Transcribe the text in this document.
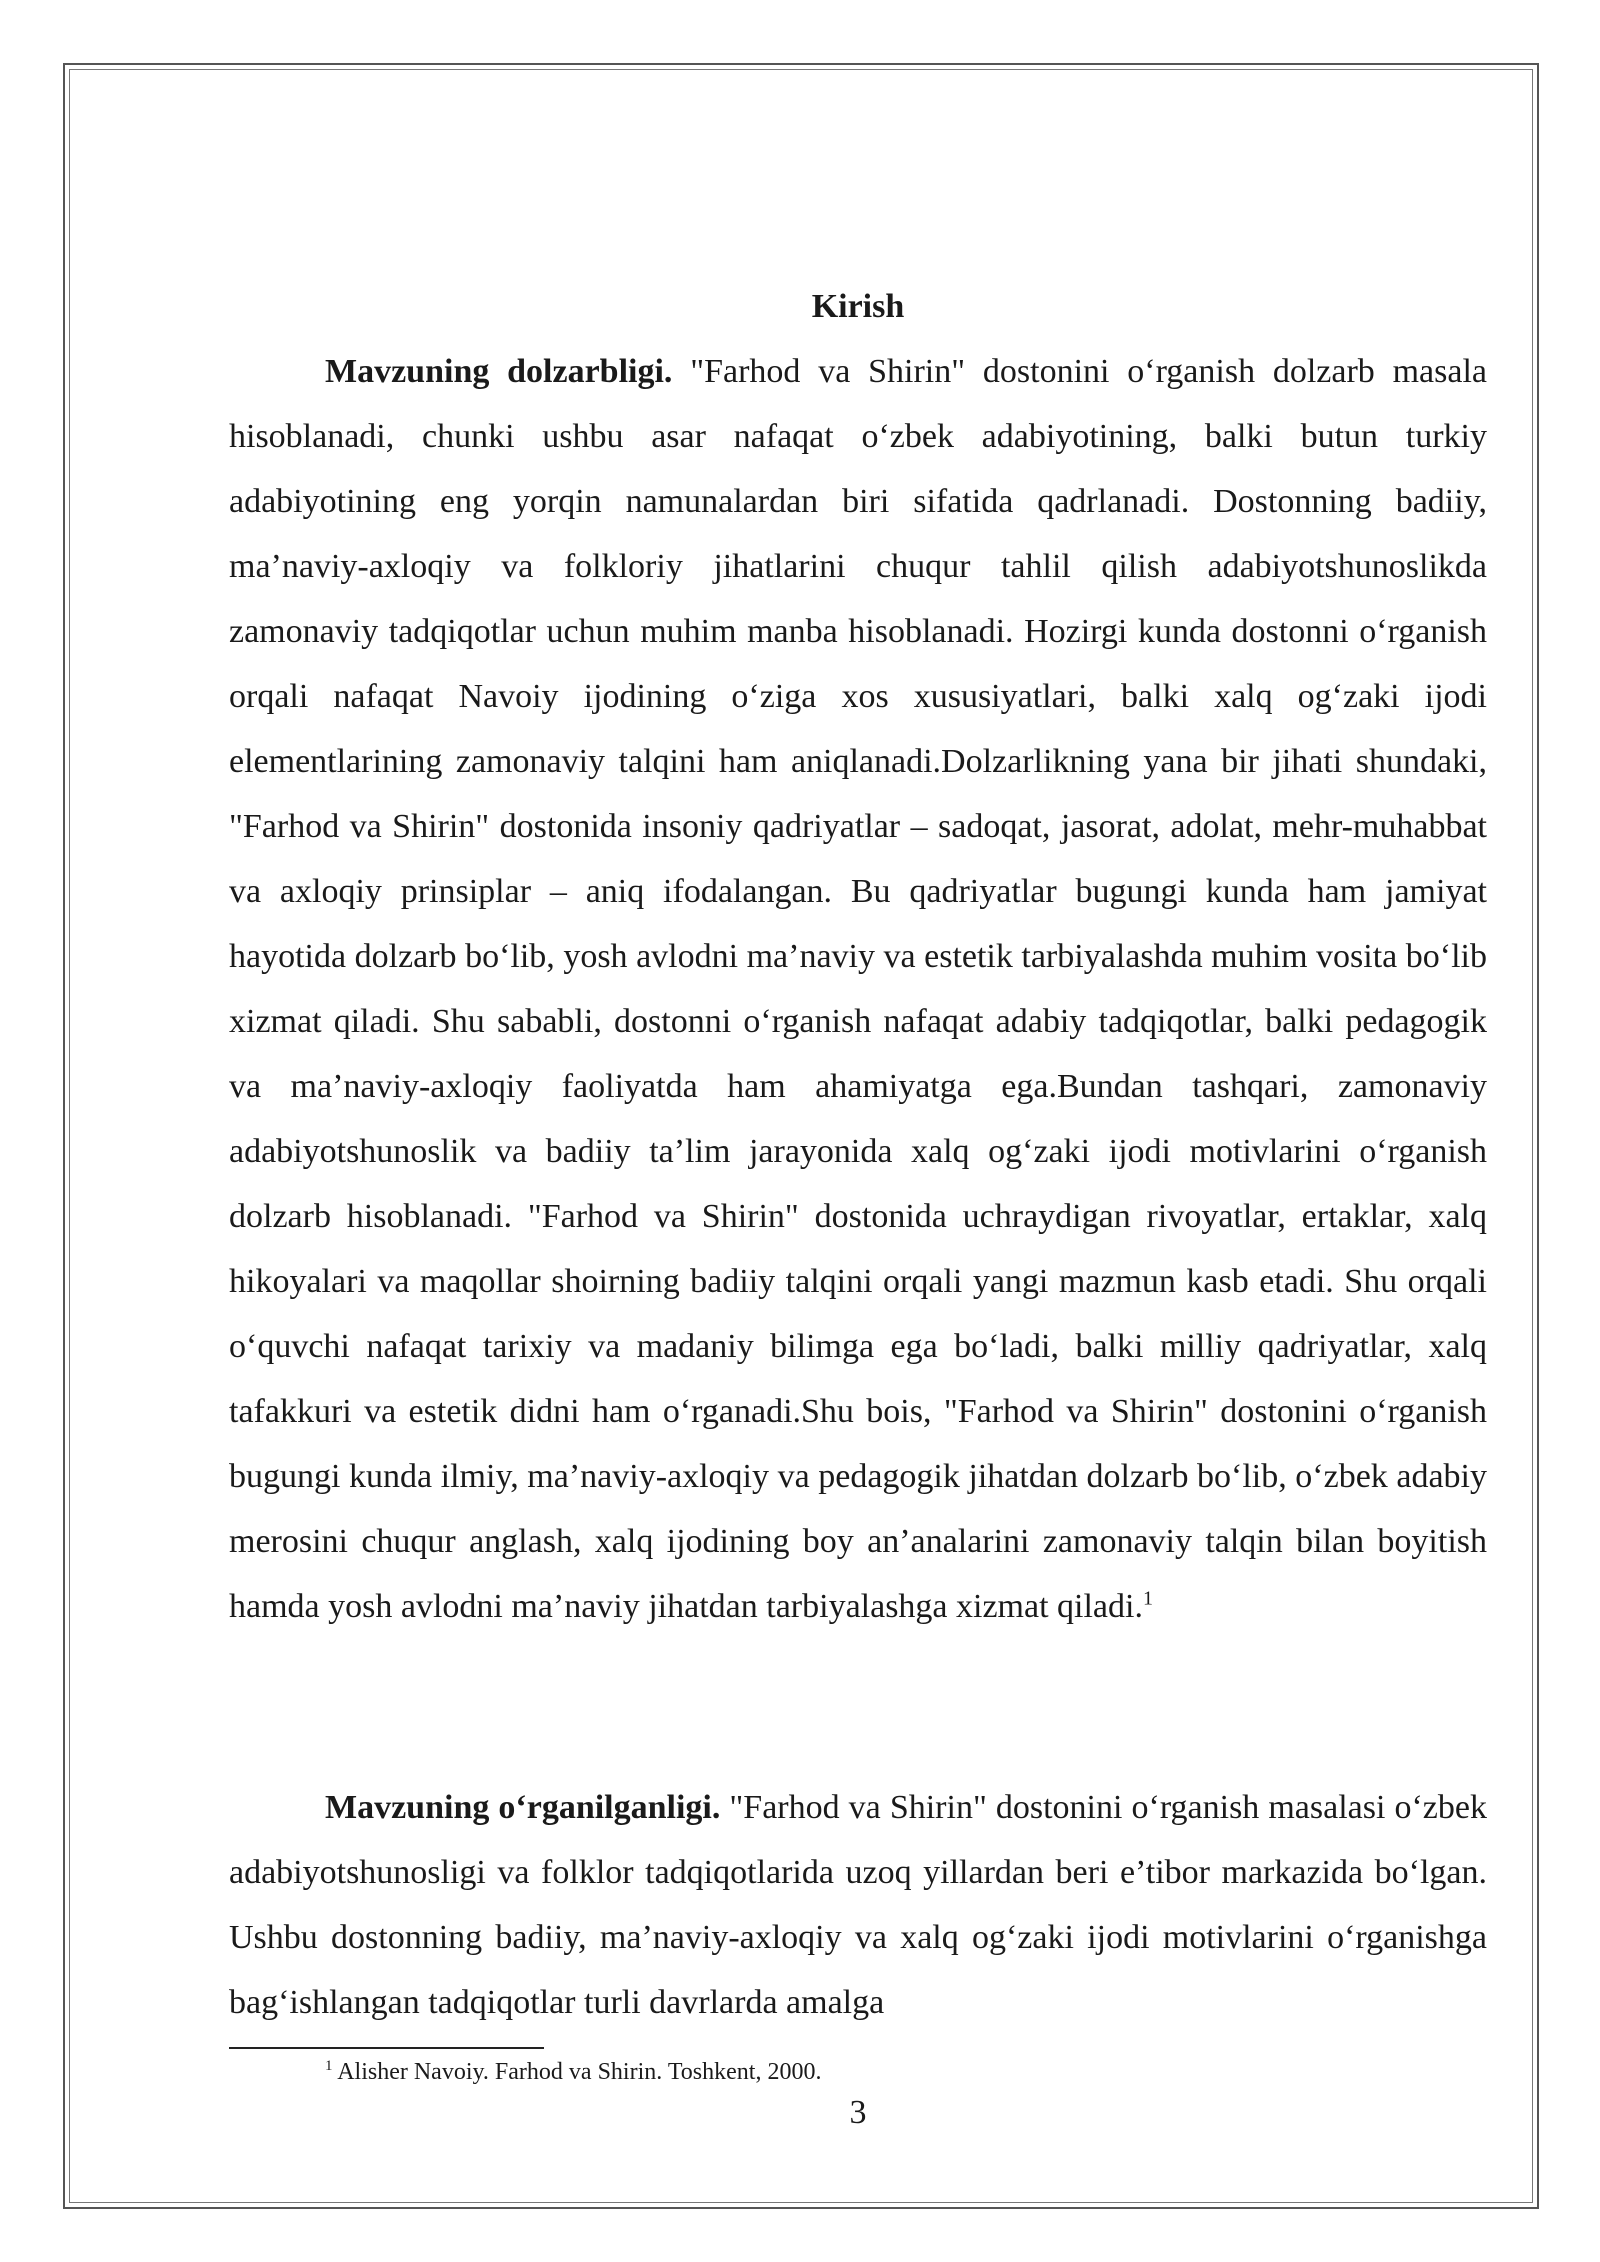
Kirish

Mavzuning dolzarbligi. "Farhod va Shirin" dostonini o‘rganish dolzarb masala hisoblanadi, chunki ushbu asar nafaqat o‘zbek adabiyotining, balki butun turkiy adabiyotining eng yorqin namunalardan biri sifatida qadrlanadi. Dostonning badiiy, ma’naviy-axloqiy va folkloriy jihatlarini chuqur tahlil qilish adabiyotshunoslikda zamonaviy tadqiqotlar uchun muhim manba hisoblanadi. Hozirgi kunda dostonni o‘rganish orqali nafaqat Navoiy ijodining o‘ziga xos xususiyatlari, balki xalq og‘zaki ijodi elementlarining zamonaviy talqini ham aniqlanadi.Dolzarlikning yana bir jihati shundaki, "Farhod va Shirin" dostonida insoniy qadriyatlar – sadoqat, jasorat, adolat, mehr-muhabbat va axloqiy prinsiplar – aniq ifodalangan. Bu qadriyatlar bugungi kunda ham jamiyat hayotida dolzarb bo‘lib, yosh avlodni ma’naviy va estetik tarbiyalashda muhim vosita bo‘lib xizmat qiladi. Shu sababli, dostonni o‘rganish nafaqat adabiy tadqiqotlar, balki pedagogik va ma’naviy-axloqiy faoliyatda ham ahamiyatga ega.Bundan tashqari, zamonaviy adabiyotshunoslik va badiiy ta’lim jarayonida xalq og‘zaki ijodi motivlarini o‘rganish dolzarb hisoblanadi. "Farhod va Shirin" dostonida uchraydigan rivoyatlar, ertaklar, xalq hikoyalari va maqollar shoirning badiiy talqini orqali yangi mazmun kasb etadi. Shu orqali o‘quvchi nafaqat tarixiy va madaniy bilimga ega bo‘ladi, balki milliy qadriyatlar, xalq tafakkuri va estetik didni ham o‘rganadi.Shu bois, "Farhod va Shirin" dostonini o‘rganish bugungi kunda ilmiy, ma’naviy-axloqiy va pedagogik jihatdan dolzarb bo‘lib, o‘zbek adabiy merosini chuqur anglash, xalq ijodining boy an’analarini zamonaviy talqin bilan boyitish hamda yosh avlodni ma’naviy jihatdan tarbiyalashga xizmat qiladi.$^1$

Mavzuning o‘rganilganligi. "Farhod va Shirin" dostonini o‘rganish masalasi o‘zbek adabiyotshunosligi va folklor tadqiqotlarida uzoq yillardan beri e’tibor markazida bo‘lgan. Ushbu dostonning badiiy, ma’naviy-axloqiy va xalq og‘zaki ijodi motivlarini o‘rganishga bag‘ishlangan tadqiqotlar turli davrlarda amalga

$^1$ Alisher Navoiy. Farhod va Shirin. Toshkent, 2000.
3
